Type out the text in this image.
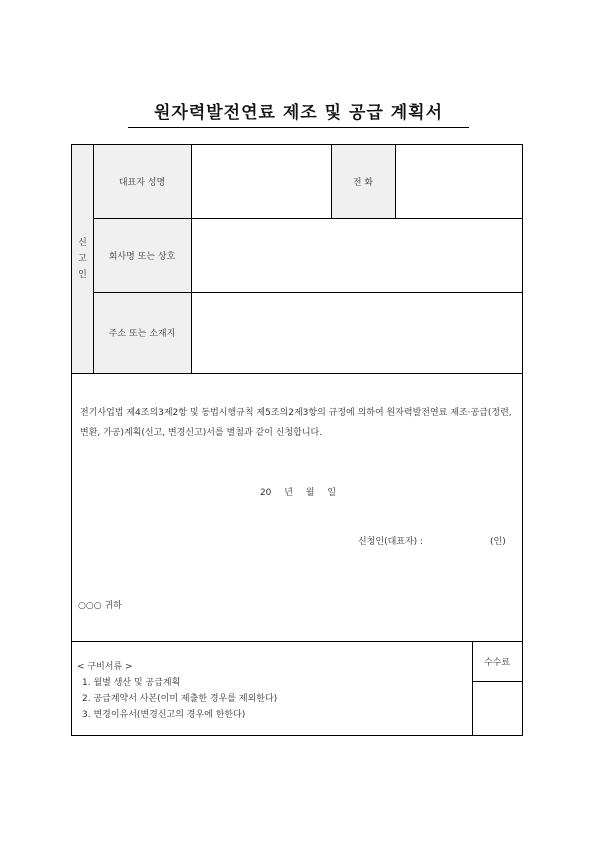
원자력발전연료 제조 및 공급 계획서
신
고
인
대표자 성명	전 화
회사명 또는 상호
주소 또는 소재지
전기사업법 제4조의3제2항 및 동법시행규칙 제5조의2제3항의 규정에 의하여 원자력발전연료 제조·공급(정련, 변환, 가공)계획(신고, 변경신고)서를 별첨과 같이 신청합니다.
20 년 월 일
신청인(대표자) :	(인)
○○○ 귀하
< 구비서류 >
1. 월별 생산 및 공급계획
2. 공급계약서 사본(이미 제출한 경우를 제외한다)
3. 변경이유서(변경신고의 경우에 한한다)
수수료
